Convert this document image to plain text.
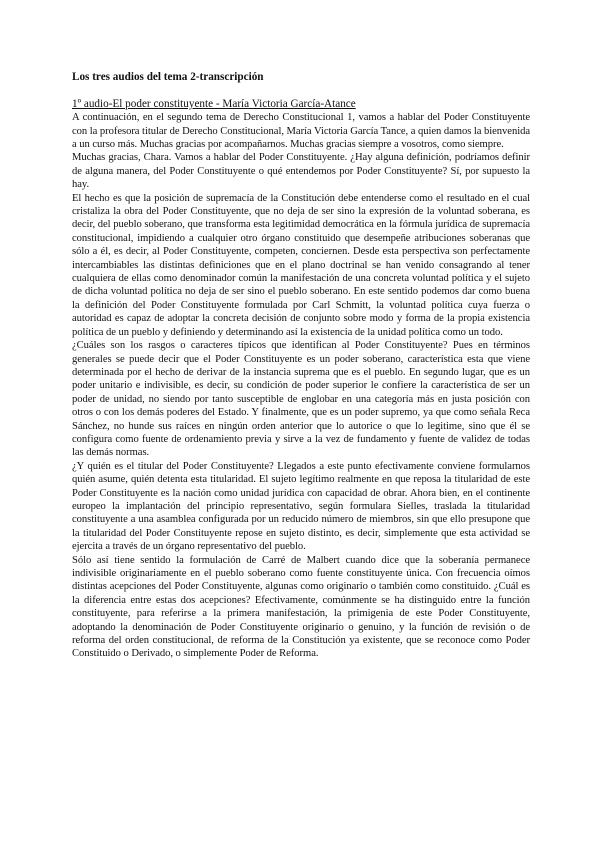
Los tres audios del tema 2-transcripción
1º audio-El poder constituyente - María Victoria García-Atance

A continuación, en el segundo tema de Derecho Constitucional 1, vamos a hablar del Poder Constituyente con la profesora titular de Derecho Constitucional, María Victoria García Tance, a quien damos la bienvenida a un curso más. Muchas gracias por acompañarnos. Muchas gracias siempre a vosotros, como siempre.

Muchas gracias, Chara. Vamos a hablar del Poder Constituyente. ¿Hay alguna definición, podríamos definir de alguna manera, del Poder Constituyente o qué entendemos por Poder Constituyente? Sí, por supuesto la hay.

El hecho es que la posición de supremacía de la Constitución debe entenderse como el resultado en el cual cristaliza la obra del Poder Constituyente, que no deja de ser sino la expresión de la voluntad soberana, es decir, del pueblo soberano, que transforma esta legitimidad democrática en la fórmula jurídica de supremacía constitucional, impidiendo a cualquier otro órgano constituido que desempeñe atribuciones soberanas que sólo a él, es decir, al Poder Constituyente, competen, conciernen. Desde esta perspectiva son perfectamente intercambiables las distintas definiciones que en el plano doctrinal se han venido consagrando al tener cualquiera de ellas como denominador común la manifestación de una concreta voluntad política y el sujeto de dicha voluntad política no deja de ser sino el pueblo soberano. En este sentido podemos dar como buena la definición del Poder Constituyente formulada por Carl Schmitt, la voluntad política cuya fuerza o autoridad es capaz de adoptar la concreta decisión de conjunto sobre modo y forma de la propia existencia política de un pueblo y definiendo y determinando así la existencia de la unidad política como un todo.

¿Cuáles son los rasgos o caracteres típicos que identifican al Poder Constituyente? Pues en términos generales se puede decir que el Poder Constituyente es un poder soberano, característica esta que viene determinada por el hecho de derivar de la instancia suprema que es el pueblo. En segundo lugar, que es un poder unitario e indivisible, es decir, su condición de poder superior le confiere la característica de ser un poder de unidad, no siendo por tanto susceptible de englobar en una categoría más en justa posición con otros o con los demás poderes del Estado. Y finalmente, que es un poder supremo, ya que como señala Reca Sánchez, no hunde sus raíces en ningún orden anterior que lo autorice o que lo legitime, sino que él se configura como fuente de ordenamiento previa y sirve a la vez de fundamento y fuente de validez de todas las demás normas.

¿Y quién es el titular del Poder Constituyente? Llegados a este punto efectivamente conviene formularnos quién asume, quién detenta esta titularidad. El sujeto legítimo realmente en que reposa la titularidad de este Poder Constituyente es la nación como unidad jurídica con capacidad de obrar. Ahora bien, en el continente europeo la implantación del principio representativo, según formulara Sielles, traslada la titularidad constituyente a una asamblea configurada por un reducido número de miembros, sin que ello presupone que la titularidad del Poder Constituyente repose en sujeto distinto, es decir, simplemente que esta actividad se ejercita a través de un órgano representativo del pueblo.

Sólo así tiene sentido la formulación de Carré de Malbert cuando dice que la soberanía permanece indivisible originariamente en el pueblo soberano como fuente constituyente única. Con frecuencia oímos distintas acepciones del Poder Constituyente, algunas como originario o también como constituido. ¿Cuál es la diferencia entre estas dos acepciones? Efectivamente, comúnmente se ha distinguido entre la función constituyente, para referirse a la primera manifestación, la primigenia de este Poder Constituyente, adoptando la denominación de Poder Constituyente originario o genuino, y la función de revisión o de reforma del orden constitucional, de reforma de la Constitución ya existente, que se reconoce como Poder Constituido o Derivado, o simplemente Poder de Reforma.
